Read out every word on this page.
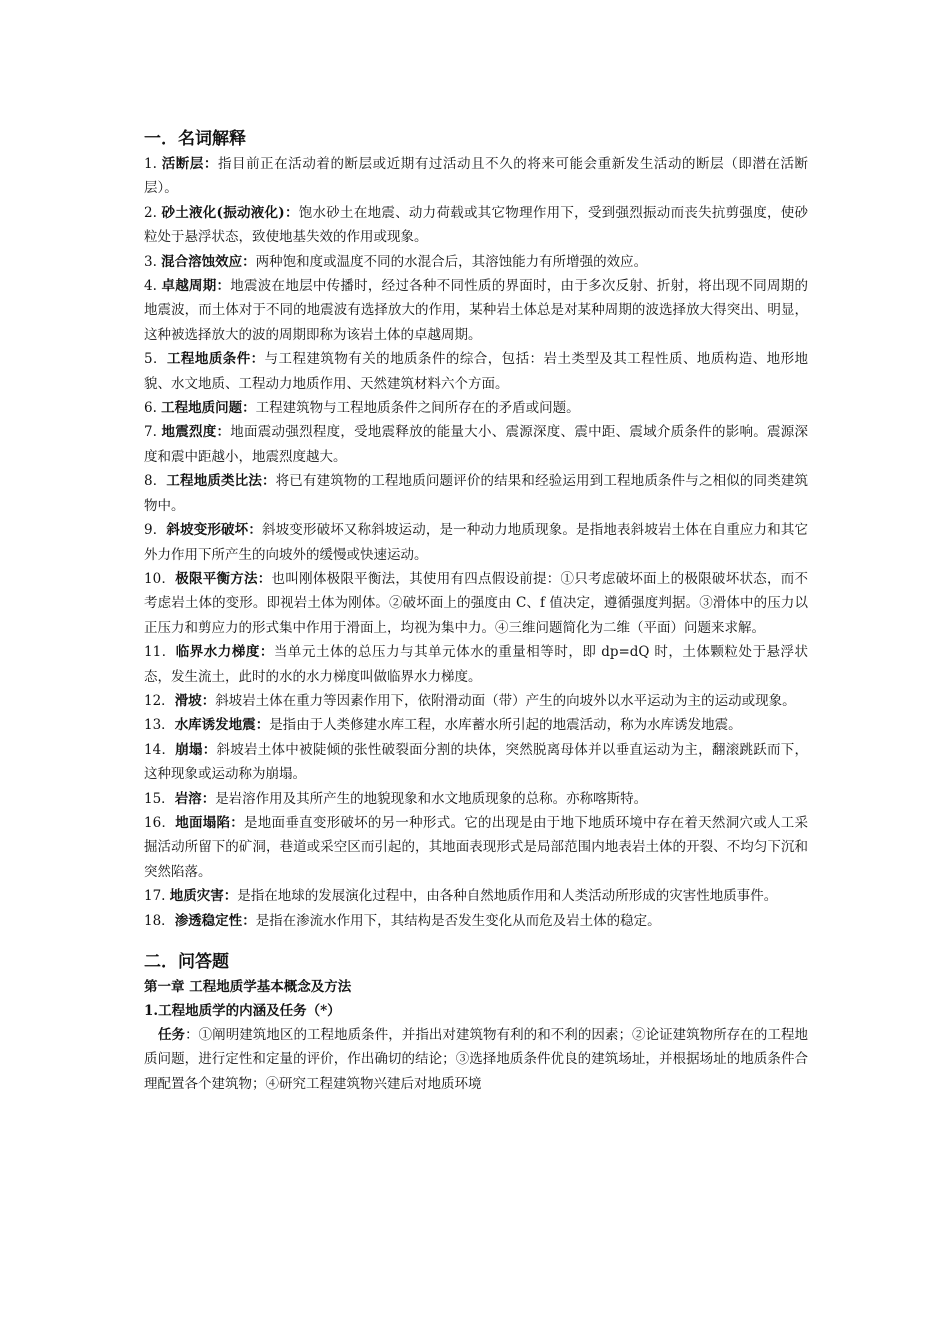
一．名词解释

1. 活断层：指目前正在活动着的断层或近期有过活动且不久的将来可能会重新发生活动的断层（即潜在活断层）。

2. 砂土液化(振动液化)：饱水砂土在地震、动力荷载或其它物理作用下，受到强烈振动而丧失抗剪强度，使砂粒处于悬浮状态，致使地基失效的作用或现象。

3. 混合溶蚀效应：两种饱和度或温度不同的水混合后，其溶蚀能力有所增强的效应。

4. 卓越周期：地震波在地层中传播时，经过各种不同性质的界面时，由于多次反射、折射，将出现不同周期的地震波，而土体对于不同的地震波有选择放大的作用，某种岩土体总是对某种周期的波选择放大得突出、明显，这种被选择放大的波的周期即称为该岩土体的卓越周期。

5．工程地质条件：与工程建筑物有关的地质条件的综合，包括：岩土类型及其工程性质、地质构造、地形地貌、水文地质、工程动力地质作用、天然建筑材料六个方面。

6. 工程地质问题：工程建筑物与工程地质条件之间所存在的矛盾或问题。

7. 地震烈度：地面震动强烈程度，受地震释放的能量大小、震源深度、震中距、震域介质条件的影响。震源深度和震中距越小，地震烈度越大。

8．工程地质类比法：将已有建筑物的工程地质问题评价的结果和经验运用到工程地质条件与之相似的同类建筑物中。

9．斜坡变形破坏：斜坡变形破坏又称斜坡运动，是一种动力地质现象。是指地表斜坡岩土体在自重应力和其它外力作用下所产生的向坡外的缓慢或快速运动。

10．极限平衡方法：也叫刚体极限平衡法，其使用有四点假设前提：①只考虑破坏面上的极限破坏状态，而不考虑岩土体的变形。即视岩土体为刚体。②破坏面上的强度由 C、f 值决定，遵循强度判据。③滑体中的压力以正压力和剪应力的形式集中作用于滑面上，均视为集中力。④三维问题简化为二维（平面）问题来求解。

11．临界水力梯度：当单元土体的总压力与其单元体水的重量相等时，即 dp=dQ 时，土体颗粒处于悬浮状态，发生流土，此时的水的水力梯度叫做临界水力梯度。

12．滑坡：斜坡岩土体在重力等因素作用下，依附滑动面（带）产生的向坡外以水平运动为主的运动或现象。

13．水库诱发地震：是指由于人类修建水库工程，水库蓄水所引起的地震活动，称为水库诱发地震。

14．崩塌：斜坡岩土体中被陡倾的张性破裂面分割的块体，突然脱离母体并以垂直运动为主，翻滚跳跃而下，这种现象或运动称为崩塌。

15．岩溶：是岩溶作用及其所产生的地貌现象和水文地质现象的总称。亦称喀斯特。

16．地面塌陷：是地面垂直变形破坏的另一种形式。它的出现是由于地下地质环境中存在着天然洞穴或人工采掘活动所留下的矿洞，巷道或采空区而引起的，其地面表现形式是局部范围内地表岩土体的开裂、不均匀下沉和突然陷落。

17. 地质灾害：是指在地球的发展演化过程中，由各种自然地质作用和人类活动所形成的灾害性地质事件。

18．渗透稳定性：是指在渗流水作用下，其结构是否发生变化从而危及岩土体的稳定。

二．问答题

第一章 工程地质学基本概念及方法

1.工程地质学的内涵及任务（*）

任务：①阐明建筑地区的工程地质条件，并指出对建筑物有利的和不利的因素；②论证建筑物所存在的工程地质问题，进行定性和定量的评价，作出确切的结论；③选择地质条件优良的建筑场址，并根据场址的地质条件合理配置各个建筑物；④研究工程建筑物兴建后对地质环境
